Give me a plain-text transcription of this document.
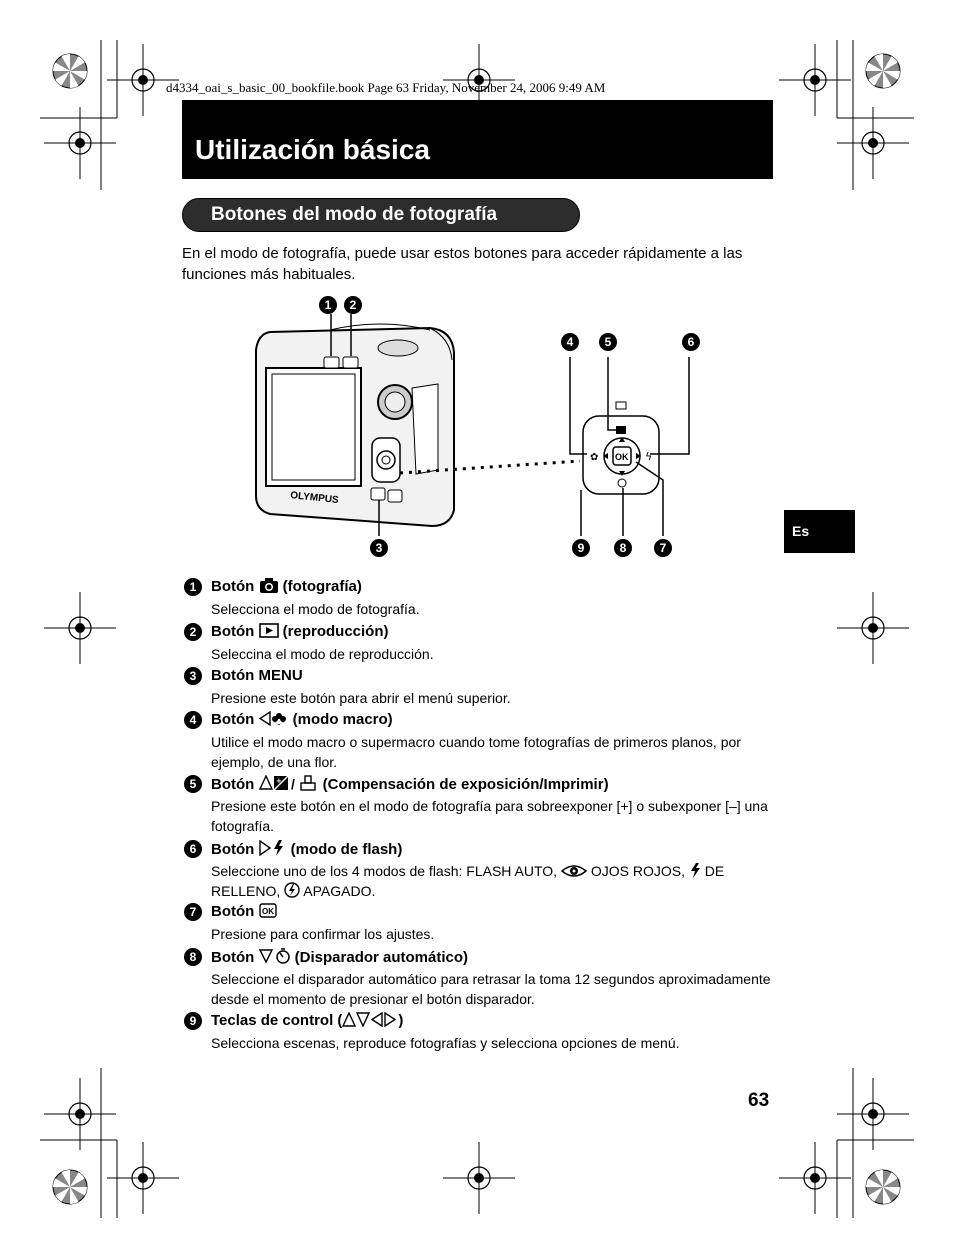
d4334_oai_s_basic_00_bookfile.book Page 63 Friday, November 24, 2006 9:49 AM
Utilización básica
Botones del modo de fotografía
En el modo de fotografía, puede usar estos botones para acceder rápidamente a las funciones más habituales.
OLYMPUS
OK
✿	ϟ
1 2
3
4	5	6
7
8
9
Es
1 Botón (fotografía)
Selecciona el modo de fotografía.
2 Botón (reproducción)
Seleccina el modo de reproducción.
3 Botón MENU
Presione este botón para abrir el menú superior.
4 Botón	(modo macro)
Utilice el modo macro o supermacro cuando tome fotografías de primeros planos, por ejemplo, de una flor.
5 Botón	+ / (Compensación de exposición/Imprimir)
Presione este botón en el modo de fotografía para sobreexponer [+] o subexponer [–] una fotografía.
6 Botón (modo de flash)
Seleccione uno de los 4 modos de flash: FLASH AUTO, OJOS ROJOS, DE RELLENO, APAGADO.
7 Botón OK
Presione para confirmar los ajustes.
8 Botón	(Disparador automático)
Seleccione el disparador automático para retrasar la toma 12 segundos aproximadamente desde el momento de presionar el botón disparador.
9 Teclas de control (	)
Selecciona escenas, reproduce fotografías y selecciona opciones de menú.
63
